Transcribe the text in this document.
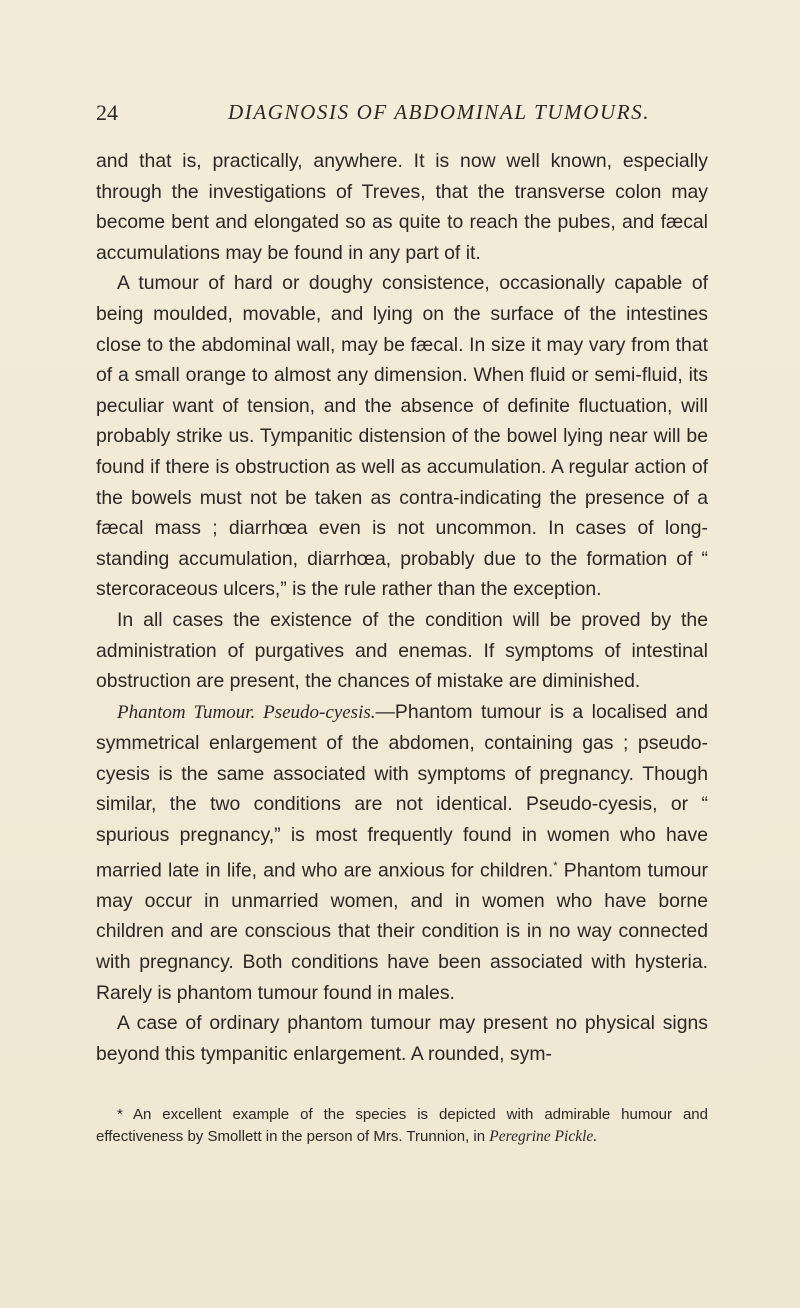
24	DIAGNOSIS OF ABDOMINAL TUMOURS.

and that is, practically, anywhere. It is now well known, especially through the investigations of Treves, that the transverse colon may become bent and elongated so as quite to reach the pubes, and fæcal accumulations may be found in any part of it.

A tumour of hard or doughy consistence, occasionally capable of being moulded, movable, and lying on the surface of the intestines close to the abdominal wall, may be fæcal. In size it may vary from that of a small orange to almost any dimension. When fluid or semi-fluid, its peculiar want of tension, and the absence of definite fluctuation, will probably strike us. Tympanitic distension of the bowel lying near will be found if there is obstruction as well as accumulation. A regular action of the bowels must not be taken as contra-indicating the presence of a fæcal mass ; diarrhœa even is not uncommon. In cases of longstanding accumulation, diarrhœa, probably due to the formation of “ stercoraceous ulcers,” is the rule rather than the exception.

In all cases the existence of the condition will be proved by the administration of purgatives and enemas. If symptoms of intestinal obstruction are present, the chances of mistake are diminished.

Phantom Tumour. Pseudo-cyesis.—Phantom tumour is a localised and symmetrical enlargement of the abdomen, containing gas ; pseudo-cyesis is the same associated with symptoms of pregnancy. Though similar, the two conditions are not identical. Pseudo-cyesis, or “ spurious pregnancy,” is most frequently found in women who have married late in life, and who are anxious for children.* Phantom tumour may occur in unmarried women, and in women who have borne children and are conscious that their condition is in no way connected with pregnancy. Both conditions have been associated with hysteria. Rarely is phantom tumour found in males.

A case of ordinary phantom tumour may present no physical signs beyond this tympanitic enlargement. A rounded, sym-

* An excellent example of the species is depicted with admirable humour and effectiveness by Smollett in the person of Mrs. Trunnion, in Peregrine Pickle.
